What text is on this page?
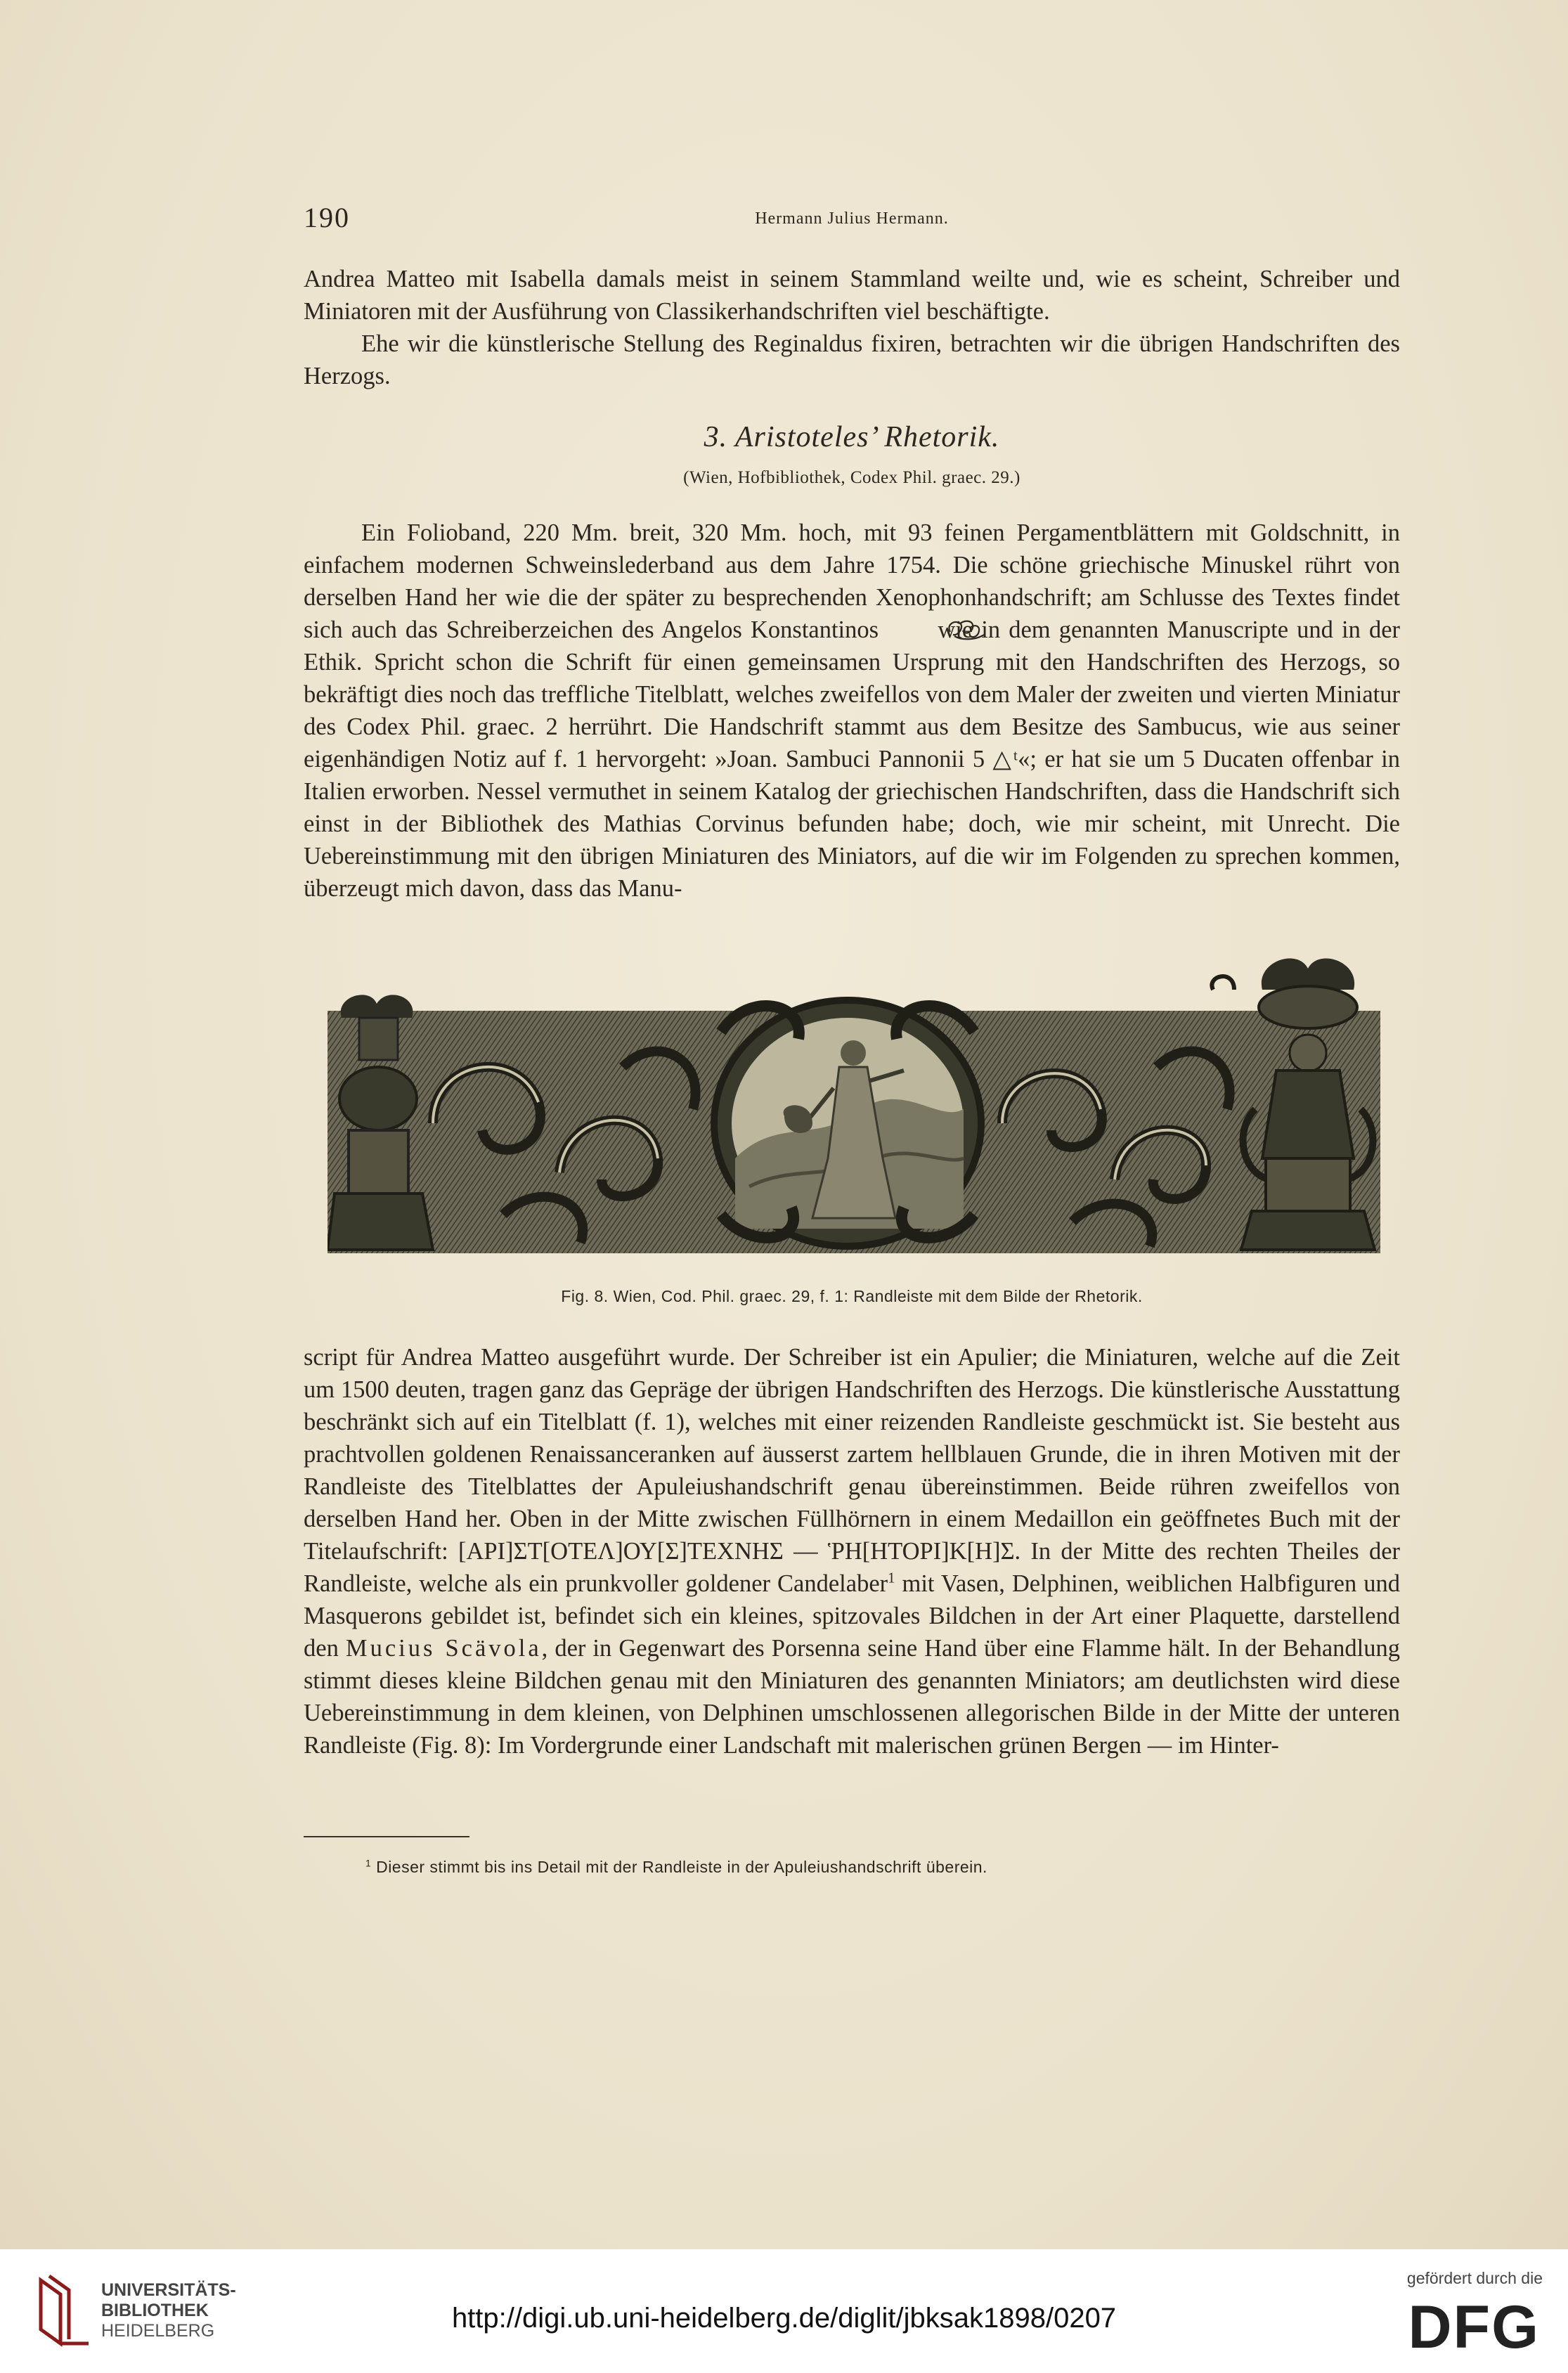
190	Hermann Julius Hermann.

Andrea Matteo mit Isabella damals meist in seinem Stammland weilte und, wie es scheint, Schreiber und Miniatoren mit der Ausführung von Classikerhandschriften viel beschäftigte.

Ehe wir die künstlerische Stellung des Reginaldus fixiren, betrachten wir die übrigen Handschriften des Herzogs.

3. Aristoteles’ Rhetorik.
(Wien, Hofbibliothek, Codex Phil. graec. 29.)

Ein Folioband, 220 Mm. breit, 320 Mm. hoch, mit 93 feinen Pergamentblättern mit Goldschnitt, in einfachem modernen Schweinslederband aus dem Jahre 1754. Die schöne griechische Minuskel rührt von derselben Hand her wie die der später zu besprechenden Xenophonhandschrift; am Schlusse des Textes findet sich auch das Schreiberzeichen des Angelos Konstantinos wie in dem genannten Manuscripte und in der Ethik. Spricht schon die Schrift für einen gemeinsamen Ursprung mit den Handschriften des Herzogs, so bekräftigt dies noch das treffliche Titelblatt, welches zweifellos von dem Maler der zweiten und vierten Miniatur des Codex Phil. graec. 2 herrührt. Die Handschrift stammt aus dem Besitze des Sambucus, wie aus seiner eigenhändigen Notiz auf f. 1 hervorgeht: »Joan. Sambuci Pannonii 5 △ᵗ«; er hat sie um 5 Ducaten offenbar in Italien erworben. Nessel vermuthet in seinem Katalog der griechischen Handschriften, dass die Handschrift sich einst in der Bibliothek des Mathias Corvinus befunden habe; doch, wie mir scheint, mit Unrecht. Die Uebereinstimmung mit den übrigen Miniaturen des Miniators, auf die wir im Folgenden zu sprechen kommen, überzeugt mich davon, dass das Manu-

Fig. 8. Wien, Cod. Phil. graec. 29, f. 1: Randleiste mit dem Bilde der Rhetorik.

script für Andrea Matteo ausgeführt wurde. Der Schreiber ist ein Apulier; die Miniaturen, welche auf die Zeit um 1500 deuten, tragen ganz das Gepräge der übrigen Handschriften des Herzogs. Die künstlerische Ausstattung beschränkt sich auf ein Titelblatt (f. 1), welches mit einer reizenden Randleiste geschmückt ist. Sie besteht aus prachtvollen goldenen Renaissanceranken auf äusserst zartem hellblauen Grunde, die in ihren Motiven mit der Randleiste des Titelblattes der Apuleiushandschrift genau übereinstimmen. Beide rühren zweifellos von derselben Hand her. Oben in der Mitte zwischen Füllhörnern in einem Medaillon ein geöffnetes Buch mit der Titelaufschrift: [ΑΡΙ]ΣΤ[ΟΤΕΛ]ΟΥ[Σ]ΤΕΧΝΗΣ — ῬΗ[ΗΤΟΡΙ]Κ[Η]Σ. In der Mitte des rechten Theiles der Randleiste, welche als ein prunkvoller goldener Candelaber$^1$ mit Vasen, Delphinen, weiblichen Halbfiguren und Masquerons gebildet ist, befindet sich ein kleines, spitzovales Bildchen in der Art einer Plaquette, darstellend den Mucius Scävola, der in Gegenwart des Porsenna seine Hand über eine Flamme hält. In der Behandlung stimmt dieses kleine Bildchen genau mit den Miniaturen des genannten Miniators; am deutlichsten wird diese Uebereinstimmung in dem kleinen, von Delphinen umschlossenen allegorischen Bilde in der Mitte der unteren Randleiste (Fig. 8): Im Vordergrunde einer Landschaft mit malerischen grünen Bergen — im Hinter-

$^1$ Dieser stimmt bis ins Detail mit der Randleiste in der Apuleiushandschrift überein.
UNIVERSITÄTS-
BIBLIOTHEK
HEIDELBERG	http://digi.ub.uni-heidelberg.de/diglit/jbksak1898/0207
gefördert durch die
DFG
